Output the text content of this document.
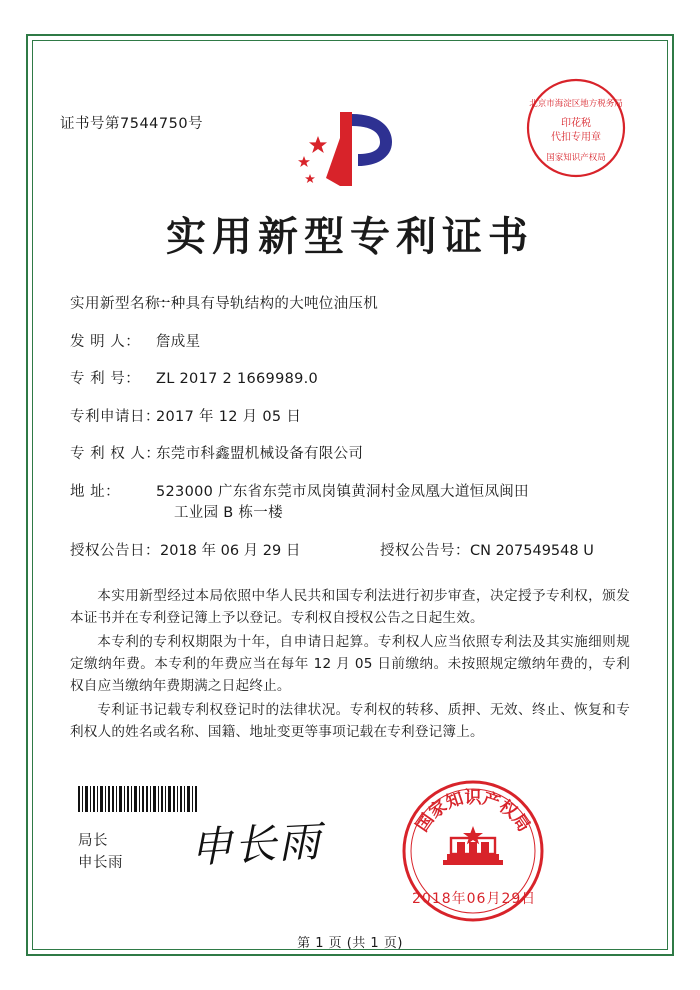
证书号第7544750号
北京市海淀区地方税务局
印花税
代扣专用章
国家知识产权局
实用新型专利证书
实用新型名称：
一种具有导轨结构的大吨位油压机
发 明 人：	詹成星
专 利 号：	ZL 2017 2 1669989.0
专利申请日：
2017 年 12 月 05 日
专 利 权 人：
东莞市科鑫盟机械设备有限公司
地 址：	523000 广东省东莞市凤岗镇黄洞村金凤凰大道恒凤闽田
工业园 B 栋一楼
授权公告日：2018 年 06 月 29 日	授权公告号：CN 207549548 U

本实用新型经过本局依照中华人民共和国专利法进行初步审查，决定授予专利权，颁发本证书并在专利登记簿上予以登记。专利权自授权公告之日起生效。

本专利的专利权期限为十年，自申请日起算。专利权人应当依照专利法及其实施细则规定缴纳年费。本专利的年费应当在每年 12 月 05 日前缴纳。未按照规定缴纳年费的，专利权自应当缴纳年费期满之日起终止。

专利证书记载专利权登记时的法律状况。专利权的转移、质押、无效、终止、恢复和专利权人的姓名或名称、国籍、地址变更等事项记载在专利登记簿上。

局长
申长雨 申长雨	国家知识产权局
2018年06月29日
第 1 页 (共 1 页)
